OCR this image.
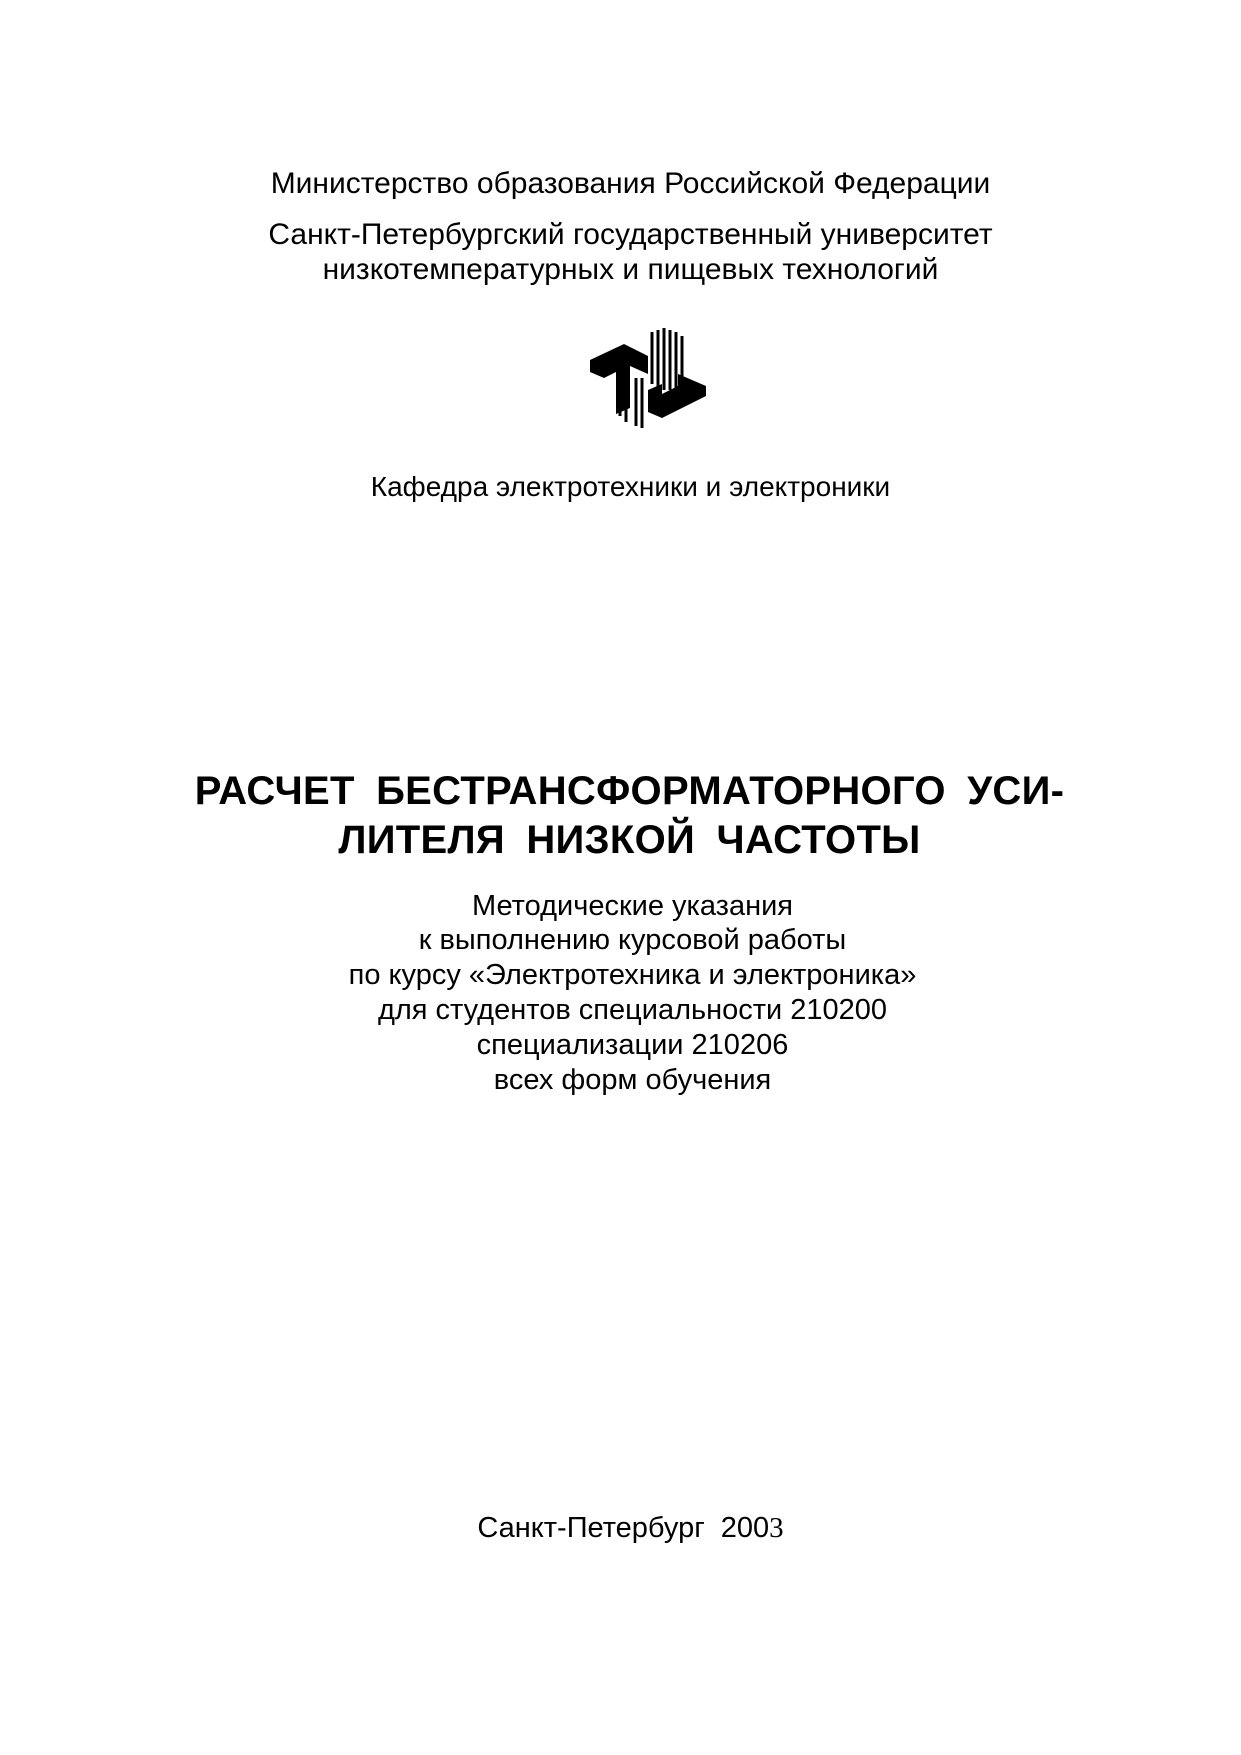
Министерство образования Российской Федерации
Санкт-Петербургский государственный университет
низкотемпературных и пищевых технологий
Кафедра электротехники и электроники
РАСЧЕТ БЕСТРАНСФОРМАТОРНОГО УСИ-
ЛИТЕЛЯ НИЗКОЙ ЧАСТОТЫ
Методические указания
к выполнению курсовой работы
по курсу «Электротехника и электроника»
для студентов специальности 210200
специализации 210206
всех форм обучения
Санкт-Петербург 2003
